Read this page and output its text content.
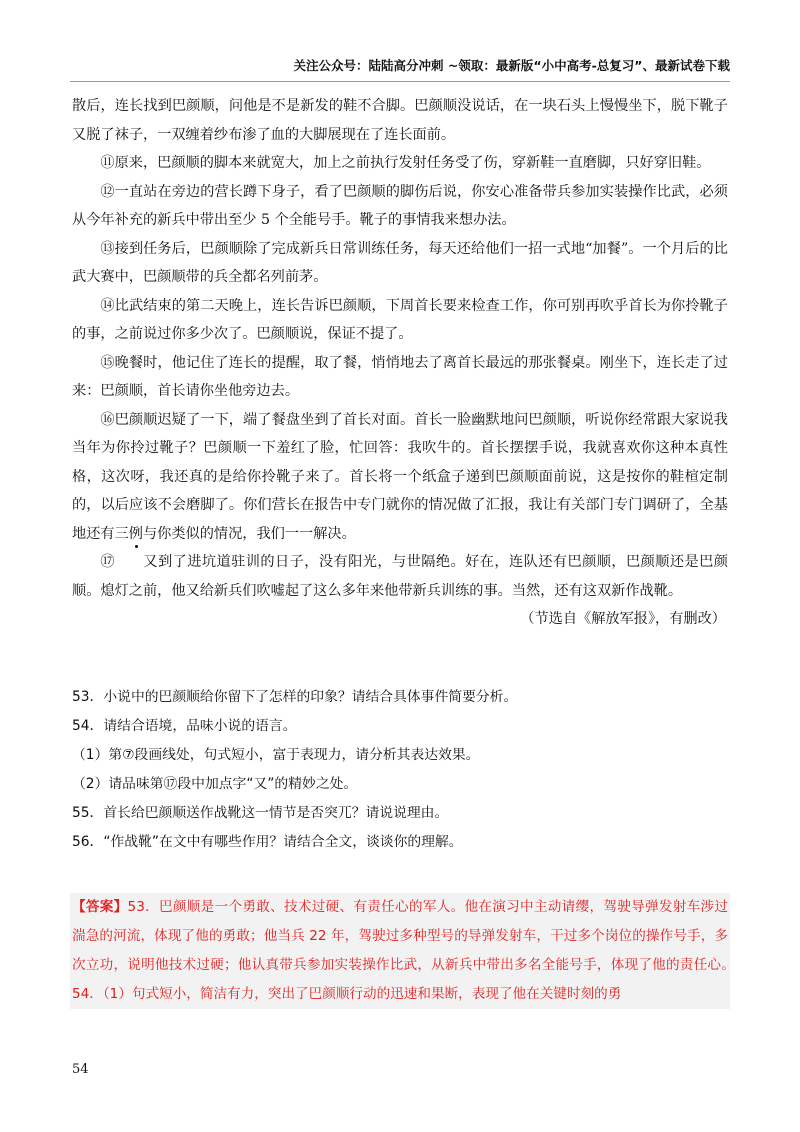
关注公众号：陆陆高分冲刺 ~领取：最新版“小中高考-总复习”、最新试卷下载

散后，连长找到巴颜顺，问他是不是新发的鞋不合脚。巴颜顺没说话，在一块石头上慢慢坐下，脱下靴子又脱了袜子，一双缠着纱布渗了血的大脚展现在了连长面前。

⑪原来，巴颜顺的脚本来就宽大，加上之前执行发射任务受了伤，穿新鞋一直磨脚，只好穿旧鞋。

⑫一直站在旁边的营长蹲下身子，看了巴颜顺的脚伤后说，你安心准备带兵参加实装操作比武，必须从今年补充的新兵中带出至少 5 个全能号手。靴子的事情我来想办法。

⑬接到任务后，巴颜顺除了完成新兵日常训练任务，每天还给他们一招一式地“加餐”。一个月后的比武大赛中，巴颜顺带的兵全都名列前茅。

⑭比武结束的第二天晚上，连长告诉巴颜顺，下周首长要来检查工作，你可别再吹乎首长为你拎靴子的事，之前说过你多少次了。巴颜顺说，保证不提了。

⑮晚餐时，他记住了连长的提醒，取了餐，悄悄地去了离首长最远的那张餐桌。刚坐下，连长走了过来：巴颜顺，首长请你坐他旁边去。

⑯巴颜顺迟疑了一下，端了餐盘坐到了首长对面。首长一脸幽默地问巴颜顺，听说你经常跟大家说我当年为你拎过靴子？巴颜顺一下羞红了脸，忙回答：我吹牛的。首长摆摆手说，我就喜欢你这种本真性格，这次呀，我还真的是给你拎靴子来了。首长将一个纸盒子递到巴颜顺面前说，这是按你的鞋楦定制的，以后应该不会磨脚了。你们营长在报告中专门就你的情况做了汇报，我让有关部门专门调研了，全基地还有三例与你类似的情况，我们一一解决。

⑰ 又到了进坑道驻训的日子，没有阳光，与世隔绝。好在，连队还有巴颜顺，巴颜顺还是巴颜顺。熄灯之前，他又给新兵们吹嘘起了这么多年来他带新兵训练的事。当然，还有这双新作战靴。

（节选自《解放军报》，有删改）

53．小说中的巴颜顺给你留下了怎样的印象？请结合具体事件简要分析。

54．请结合语境，品味小说的语言。

（1）第⑦段画线处，句式短小，富于表现力，请分析其表达效果。

（2）请品味第⑰段中加点字“又”的精妙之处。

55．首长给巴颜顺送作战靴这一情节是否突兀？请说说理由。

56．“作战靴”在文中有哪些作用？请结合全文，谈谈你的理解。

【答案】53．巴颜顺是一个勇敢、技术过硬、有责任心的军人。他在演习中主动请缨，驾驶导弹发射车涉过湍急的河流，体现了他的勇敢；他当兵 22 年，驾驶过多种型号的导弹发射车，干过多个岗位的操作号手，多次立功，说明他技术过硬；他认真带兵参加实装操作比武，从新兵中带出多名全能号手，体现了他的责任心。　　54．（1）句式短小，简洁有力，突出了巴颜顺行动的迅速和果断，表现了他在关键时刻的勇
54
